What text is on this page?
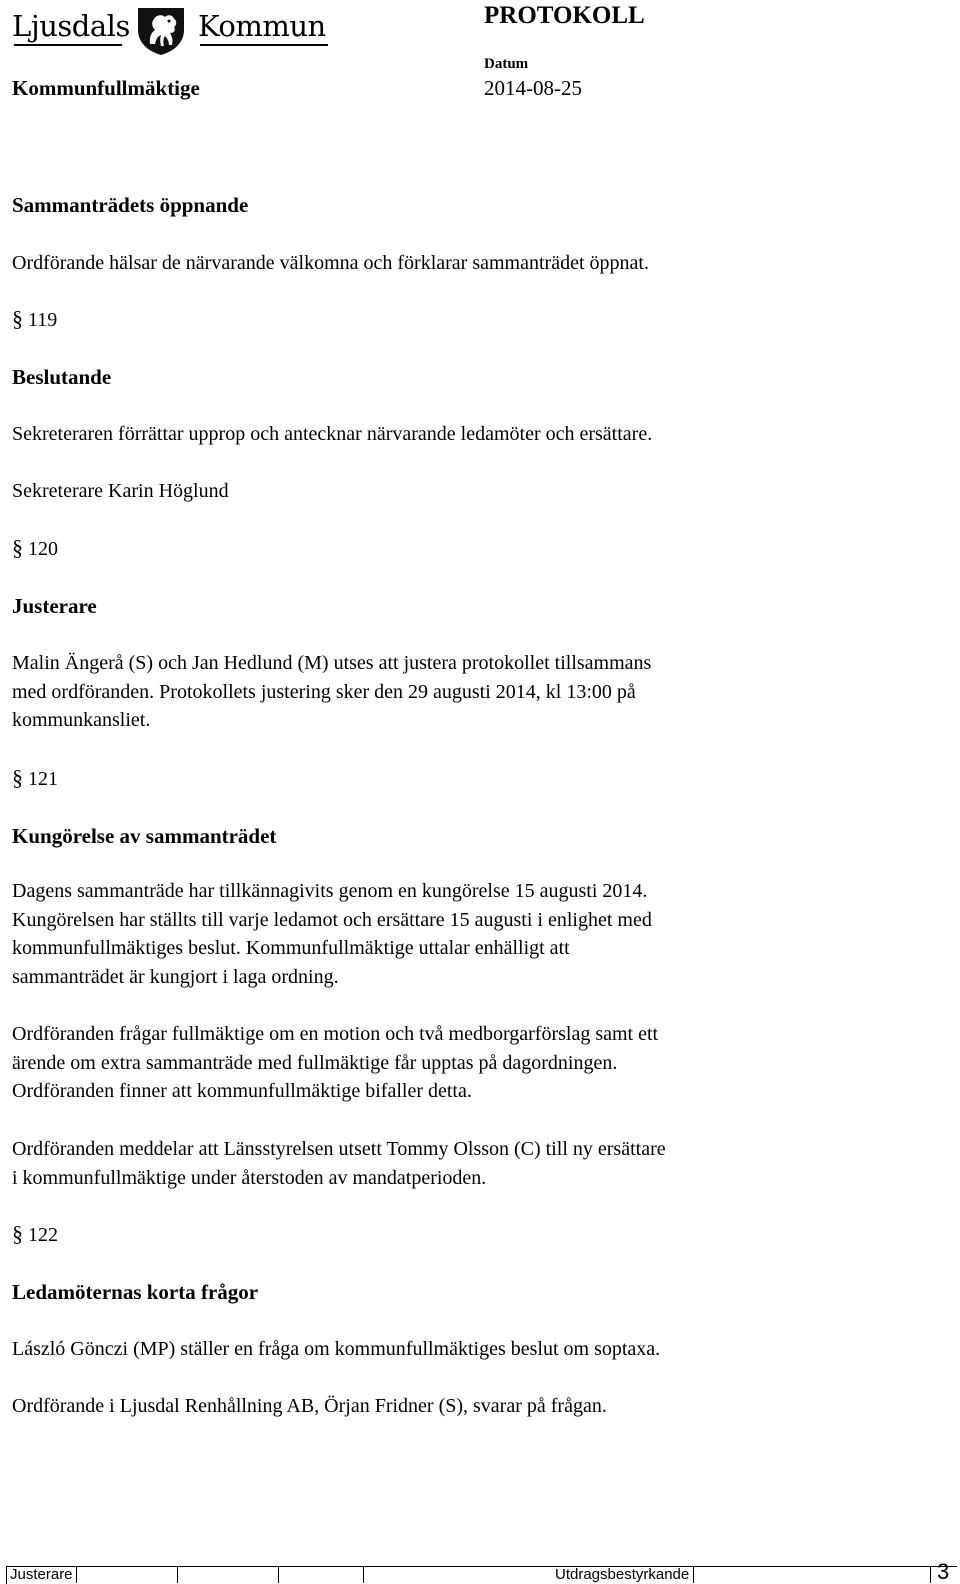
Ljusdals Kommun	PROTOKOLL
Datum
Kommunfullmäktige	2014-08-25
Sammanträdets öppnande
Ordförande hälsar de närvarande välkomna och förklarar sammanträdet öppnat.
§ 119
Beslutande
Sekreteraren förrättar upprop och antecknar närvarande ledamöter och ersättare.
Sekreterare Karin Höglund
§ 120
Justerare
Malin Ängerå (S) och Jan Hedlund (M) utses att justera protokollet tillsammans
med ordföranden. Protokollets justering sker den 29 augusti 2014, kl 13:00 på
kommunkansliet.
§ 121
Kungörelse av sammanträdet
Dagens sammanträde har tillkännagivits genom en kungörelse 15 augusti 2014.
Kungörelsen har ställts till varje ledamot och ersättare 15 augusti i enlighet med
kommunfullmäktiges beslut. Kommunfullmäktige uttalar enhälligt att
sammanträdet är kungjort i laga ordning.
Ordföranden frågar fullmäktige om en motion och två medborgarförslag samt ett
ärende om extra sammanträde med fullmäktige får upptas på dagordningen.
Ordföranden finner att kommunfullmäktige bifaller detta.
Ordföranden meddelar att Länsstyrelsen utsett Tommy Olsson (C) till ny ersättare
i kommunfullmäktige under återstoden av mandatperioden.
§ 122
Ledamöternas korta frågor
László Gönczi (MP) ställer en fråga om kommunfullmäktiges beslut om soptaxa.
Ordförande i Ljusdal Renhållning AB, Örjan Fridner (S), svarar på frågan.
Justerare	Utdragsbestyrkande	3
